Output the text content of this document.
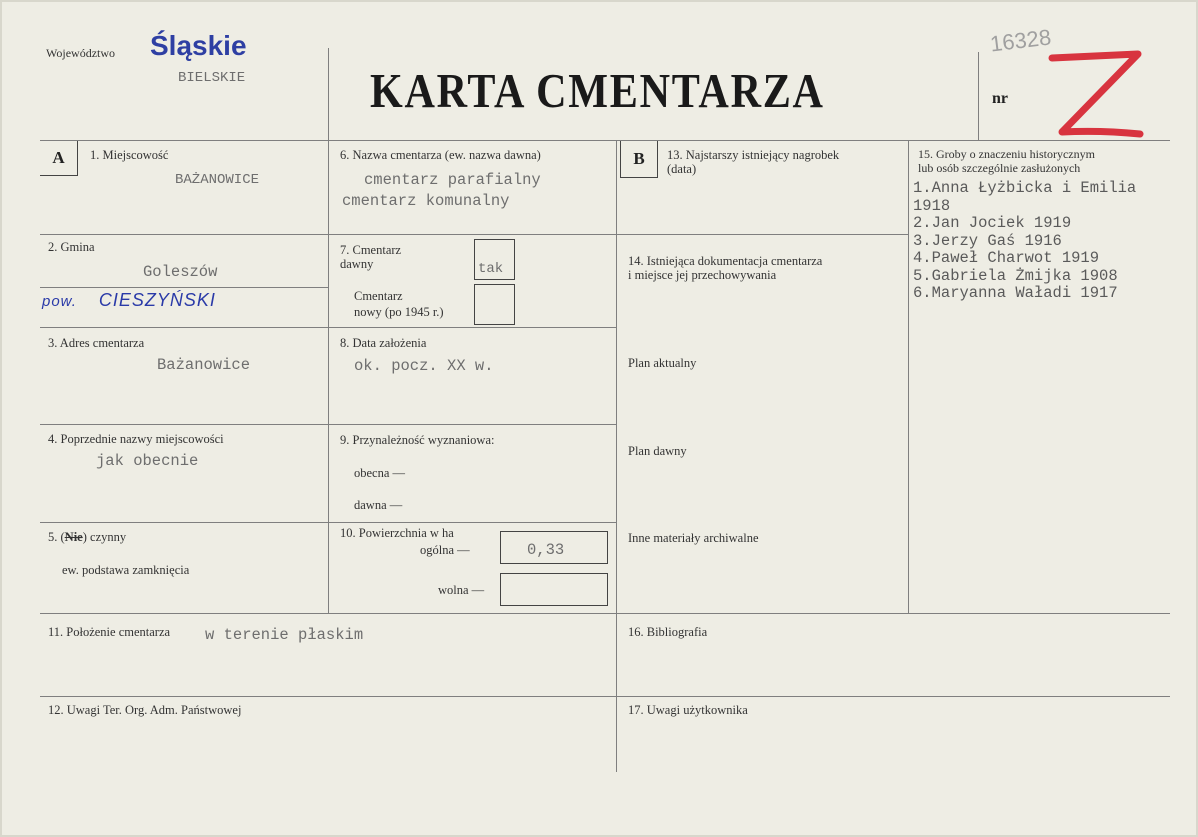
Województwo Śląskie
BIELSKIE	KARTA CMENTARZA	nr
16328
A	1. Miejscowość
BAŻANOWICE
2. Gmina
Goleszów
pow. CIESZYŃSKI
3. Adres cmentarza
Bażanowice
4. Poprzednie nazwy miejscowości
jak obecnie
5. (Nie) czynny
ew. podstawa zamknięcia
6. Nazwa cmentarza (ew. nazwa dawna)
cmentarz parafialny
cmentarz komunalny
7. Cmentarz
dawny	tak
Cmentarz
nowy (po 1945 r.)
8. Data założenia
ok. pocz. XX w.
9. Przynależność wyznaniowa:
obecna —
dawna —
10. Powierzchnia w ha
ogólna —	0,33
wolna —
B	13. Najstarszy istniejący nagrobek
(data)
14. Istniejąca dokumentacja cmentarza
i miejsce jej przechowywania
Plan aktualny
Plan dawny
Inne materiały archiwalne
15. Groby o znaczeniu historycznym
lub osób szczególnie zasłużonych
1.Anna Łyżbicka i Emilia
1918
2.Jan Jociek 1919
3.Jerzy Gaś 1916
4.Paweł Charwot 1919
5.Gabriela Żmijka 1908
6.Maryanna Waładi 1917
11. Położenie cmentarza w terenie płaskim	16. Bibliografia
12. Uwagi Ter. Org. Adm. Państwowej	17. Uwagi użytkownika
